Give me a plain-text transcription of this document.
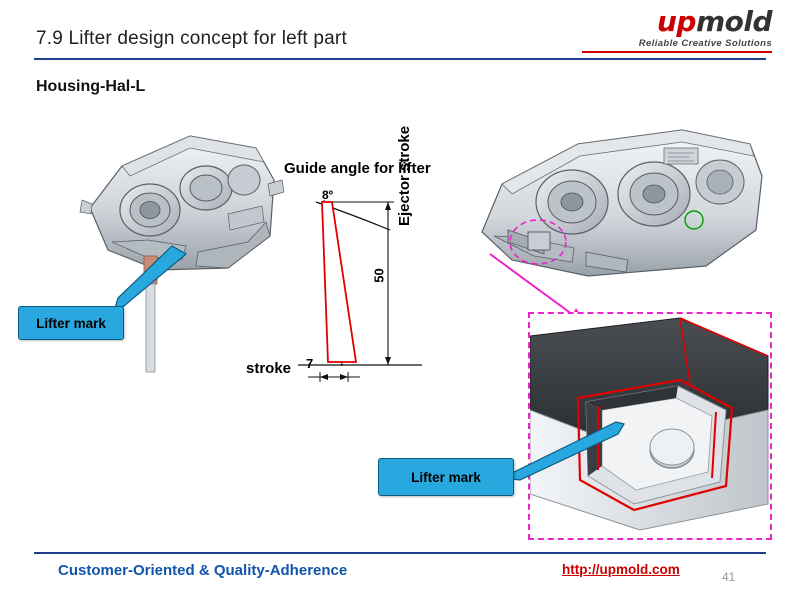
7.9 Lifter design concept for left part
upmold
Reliable Creative Solutions
Housing-Hal-L
Guide angle for lifter
8º	Ejector stroke
50
stroke 7
Lifter mark
Lifter mark
Customer-Oriented & Quality-Adherence	http://upmold.com	41
